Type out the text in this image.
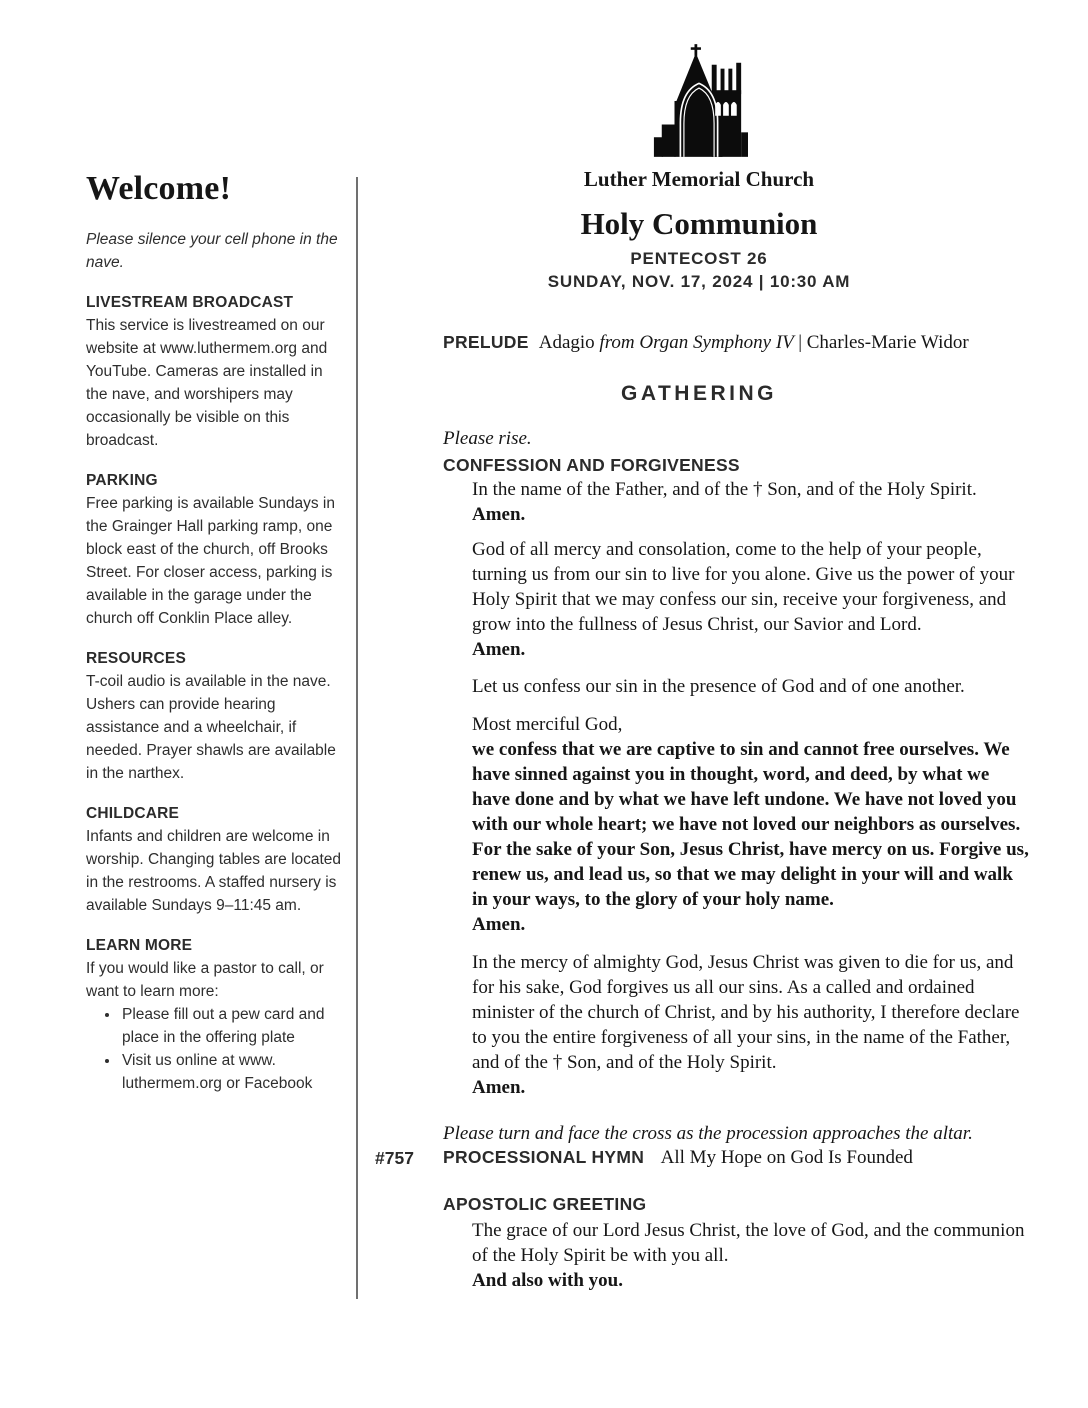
Welcome!

Please silence your cell phone in the nave.

LIVESTREAM BROADCAST
This service is livestreamed on our website at www.luthermem.org and YouTube. Cameras are installed in the nave, and worshipers may occasionally be visible on this broadcast.
PARKING
Free parking is available Sundays in the Grainger Hall parking ramp, one block east of the church, off Brooks Street. For closer access, parking is available in the garage under the church off Conklin Place alley.
RESOURCES
T-coil audio is available in the nave. Ushers can provide hearing assistance and a wheelchair, if needed. Prayer shawls are available in the narthex.
CHILDCARE
Infants and children are welcome in worship. Changing tables are located in the restrooms. A staffed nursery is available Sundays 9–11:45 am.
LEARN MORE
If you would like a pastor to call, or want to learn more:
• Please fill out a pew card and place in the offering plate
• Visit us online at www. luthermem.org or Facebook
Luther Memorial Church
Holy Communion
PENTECOST 26
SUNDAY, NOV. 17, 2024 | 10:30 AM
PRELUDE Adagio from Organ Symphony IV | Charles-Marie Widor
GATHERING

Please rise.

CONFESSION AND FORGIVENESS

In the name of the Father, and of the † Son, and of the Holy Spirit.

Amen.

God of all mercy and consolation, come to the help of your people, turning us from our sin to live for you alone. Give us the power of your Holy Spirit that we may confess our sin, receive your forgiveness, and grow into the fullness of Jesus Christ, our Savior and Lord.

Amen.

Let us confess our sin in the presence of God and of one another.

Most merciful God,

we confess that we are captive to sin and cannot free ourselves. We have sinned against you in thought, word, and deed, by what we have done and by what we have left undone. We have not loved you with our whole heart; we have not loved our neighbors as ourselves. For the sake of your Son, Jesus Christ, have mercy on us. Forgive us, renew us, and lead us, so that we may delight in your will and walk in your ways, to the glory of your holy name.

Amen.

In the mercy of almighty God, Jesus Christ was given to die for us, and for his sake, God forgives us all our sins. As a called and ordained minister of the church of Christ, and by his authority, I therefore declare to you the entire forgiveness of all your sins, in the name of the Father, and of the † Son, and of the Holy Spirit.

Amen.

Please turn and face the cross as the procession approaches the altar.

#757 PROCESSIONAL HYMN All My Hope on God Is Founded
APOSTOLIC GREETING

The grace of our Lord Jesus Christ, the love of God, and the communion of the Holy Spirit be with you all.

And also with you.
